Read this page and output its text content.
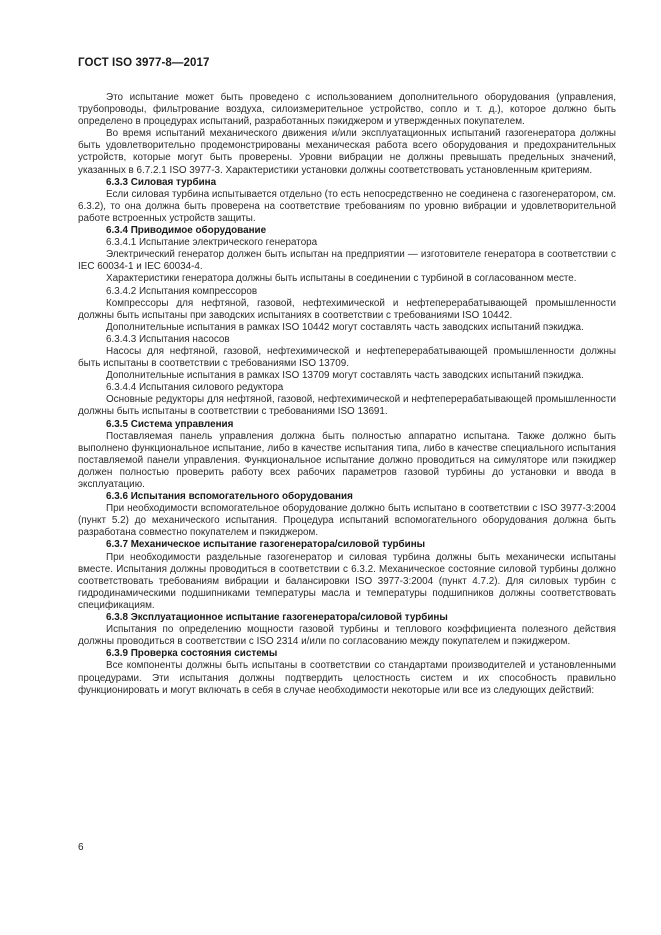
ГОСТ ISO 3977-8—2017

Это испытание может быть проведено с использованием дополнительного оборудования (управления, трубопроводы, фильтрование воздуха, силоизмерительное устройство, сопло и т. д.), которое должно быть определено в процедурах испытаний, разработанных пэкиджером и утвержденных покупателем.

Во время испытаний механического движения и/или эксплуатационных испытаний газогенератора должны быть удовлетворительно продемонстрированы механическая работа всего оборудования и предохранительных устройств, которые могут быть проверены. Уровни вибрации не должны превышать предельных значений, указанных в 6.7.2.1 ISO 3977-3. Характеристики установки должны соответствовать установленным критериям.

6.3.3 Силовая турбина

Если силовая турбина испытывается отдельно (то есть непосредственно не соединена с газогенератором, см. 6.3.2), то она должна быть проверена на соответствие требованиям по уровню вибрации и удовлетворительной работе встроенных устройств защиты.

6.3.4 Приводимое оборудование
6.3.4.1 Испытание электрического генератора

Электрический генератор должен быть испытан на предприятии — изготовителе генератора в соответствии с IEC 60034-1 и IEC 60034-4.

Характеристики генератора должны быть испытаны в соединении с турбиной в согласованном месте.

6.3.4.2 Испытания компрессоров

Компрессоры для нефтяной, газовой, нефтехимической и нефтеперерабатывающей промышленности должны быть испытаны при заводских испытаниях в соответствии с требованиями ISO 10442.

Дополнительные испытания в рамках ISO 10442 могут составлять часть заводских испытаний пэкиджа.

6.3.4.3 Испытания насосов

Насосы для нефтяной, газовой, нефтехимической и нефтеперерабатывающей промышленности должны быть испытаны в соответствии с требованиями ISO 13709.

Дополнительные испытания в рамках ISO 13709 могут составлять часть заводских испытаний пэкиджа.

6.3.4.4 Испытания силового редуктора

Основные редукторы для нефтяной, газовой, нефтехимической и нефтеперерабатывающей промышленности должны быть испытаны в соответствии с требованиями ISO 13691.

6.3.5 Система управления

Поставляемая панель управления должна быть полностью аппаратно испытана. Также должно быть выполнено функциональное испытание, либо в качестве испытания типа, либо в качестве специального испытания поставляемой панели управления. Функциональное испытание должно проводиться на симуляторе или пэкиджер должен полностью проверить работу всех рабочих параметров газовой турбины до установки и ввода в эксплуатацию.

6.3.6 Испытания вспомогательного оборудования

При необходимости вспомогательное оборудование должно быть испытано в соответствии с ISO 3977-3:2004 (пункт 5.2) до механического испытания. Процедура испытаний вспомогательного оборудования должна быть разработана совместно покупателем и пэкиджером.

6.3.7 Механическое испытание газогенератора/силовой турбины

При необходимости раздельные газогенератор и силовая турбина должны быть механически испытаны вместе. Испытания должны проводиться в соответствии с 6.3.2. Механическое состояние силовой турбины должно соответствовать требованиям вибрации и балансировки ISO 3977-3:2004 (пункт 4.7.2). Для силовых турбин с гидродинамическими подшипниками температуры масла и температуры подшипников должны соответствовать спецификациям.

6.3.8 Эксплуатационное испытание газогенератора/силовой турбины

Испытания по определению мощности газовой турбины и теплового коэффициента полезного действия должны проводиться в соответствии с ISO 2314 и/или по согласованию между покупателем и пэкиджером.

6.3.9 Проверка состояния системы

Все компоненты должны быть испытаны в соответствии со стандартами производителей и установленными процедурами. Эти испытания должны подтвердить целостность систем и их способность правильно функционировать и могут включать в себя в случае необходимости некоторые или все из следующих действий:

6
